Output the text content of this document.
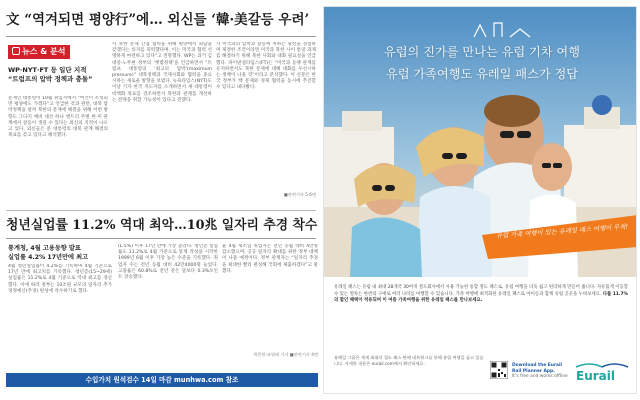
文 “역겨되면 평양行”에… 외신들 ‘韓·美갈등 우려’
뉴스 & 분석
WP·NYT·FT 등 일단 지적
“트럼프의 압박 정책과 충돌”
문재인 대통령이 10월 취임사에서 “여건이 조성되면 평양에도 가겠다”고 언급한 것과 관련, 대북 압박정책을 펼쳐 북한의 문재에 해결을 위해 어떤 방향도 그다지 예비 대선 하나 엔트리 주변 한·미 관계에서 갈등이 생길 수 있다는 외신의 지적이 나오고 있다. 외신들은 문 대통령의 대북 관계 해결의 목표를 갖고 있다고 해석했다.
사 북한 문제 간접 협력을 위해 평양에서 회담을 갖겠다는 의지를 피력했다며, 이는 미국과 협력 선명하게 마련하고 있다”고 전망했다. WP는 과거 김대중·노무현 정부의 ‘햇볕정책’을 언급하면서 “트럼프 대통령의 ‘최고의 압박’(maximum pressure)” 대북정책과 국제사회와 협력을 중요시하는 새로운 방향을 보였다. 뉴욕타임스(NYT)도 이날 기자 한국 지도자를 소개하면서 새 대통령이 비핵화 목표를 강조하면서 북한과 관계를 개선하는 전략을 취할 가능성이 있다고 전했다.
사 미국과의 압박과 갈등에 처하는 당선을 경험하며 제정한 조건이라면 미국과 북한 사이 통일 과제를 해결하기 위해 북한 사회와 대화 필요성을 언급했다. 파이낸셜타임스(FT)는 “미국과 동맹 관계를 유지하면서도 북한 문제에 대해 대화를 우선시하는 정책이 나올 것”이라고 분석했다. 이 신문은 한국 정부가 핵 문제와 경제 협력을 동시에 추진할 수 있다고 내다봤다.
■관련기사 5·6면
청년실업률 11.2% 역대 최악…10兆 일자리 추경 착수
통계청, 4월 고용동향 발표
실업률 4.2% 17년만에 최고
4월 청년실업률이 4.2%를 기록하며 4월 기준으로 17년 만에 최고치를 기록했다. 청년층(15~29세) 실업률은 11.2%로 4월 기준으로 역대 최고를 경신했다. 이에 따라 정부는 10조원 규모의 일자리 추가경정예산(추경) 편성에 착수하기로 했다.
(L.5%) 이후 17년 만에 가장 높았다. 청년층 실업률도 11.2%로 4월 기준으로 통계 작성을 시작한 1999년 6월 이후 가장 높은 수준을 기록했다. 취업자 수는 전년 동월 대비 42만4000명 늘었다. 고용률은 60.8%로 전년 같은 달보다 0.3%포인트 상승했다.
율 4월 제조업 취업자는 전년 동월 대비 4만명 감소했으며, 공공 일자리 확대를 위한 정부 대책이 나올 예정이다. 정부 관계자는 “일자리 추경을 최대한 빨리 편성해 국회에 제출하겠다”고 말했다.
박준한·조영래 기자 ■관련기사 4면
수입가치 원석검수 14일 마감 munhwa.com 참조
유럽의 진가를 만나는 유럽 기차 여행
유럽 가족여행도 유레일 패스가 정답
유럽 가족 여행이 있는 유레일 패스 여행이 무척!
유레일 패스는 유럽 내 최대 28개국 30여개 철도회사에서 사용 가능한 통합 철도 패스로, 유럽 여행을 더욱 쉽고 편리하게 만들어 줍니다. 자유롭게 이동할 수 있는 열차는 한번의 구매로 여러 나라를 여행할 수 있습니다. 가족 여행에 최적화된 유레일 패스로 아이들과 함께 유럽 곳곳을 누벼보세요. 다를 11.7%의 할인 혜택이 적용되며 이 여름 가족여행을 위한 유레일 패스를 만나보세요.
유레일 그룹은 세계 최대의 철도 패스 판매 네트워크를 통해 유럽 여행을 돕고 있습니다. 자세한 내용은 eurail.com에서 확인하세요.	Download the Eurail Rail Planner App.
It’s free and works offline Eurail
